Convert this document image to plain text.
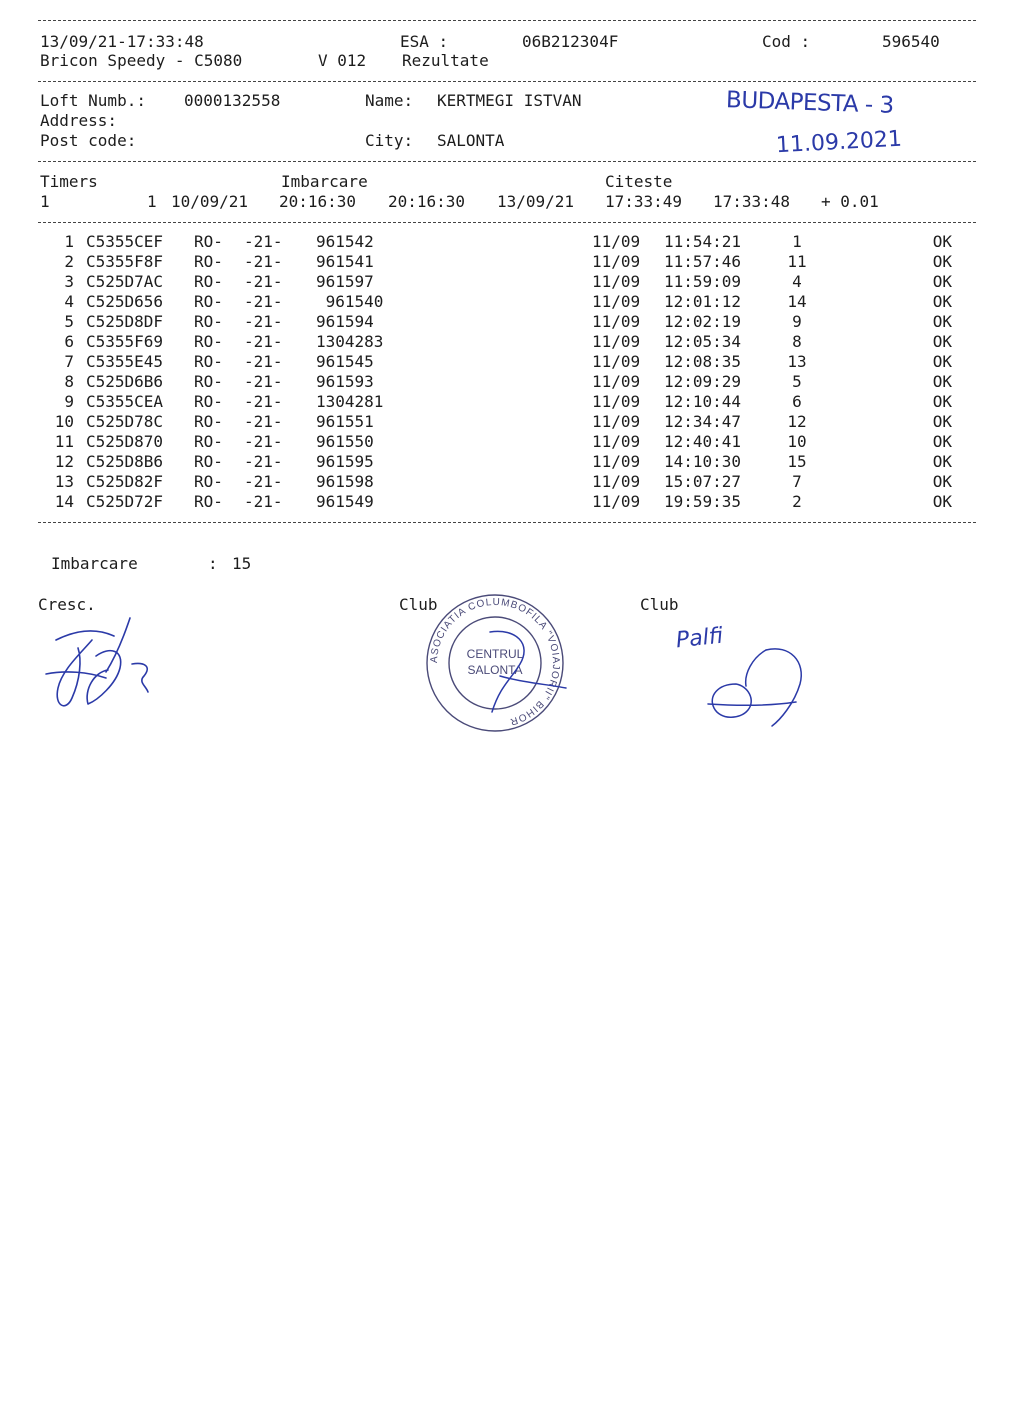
13/09/21-17:33:48	ESA :	06B212304F	Cod :	596540
Bricon Speedy - C5080	V 012 Rezultate
Loft Numb.: 0000132558	Name: KERTMEGI ISTVAN
Address:
Post code:	City: SALONTA
BUDAPESTA - 3
11.09.2021
Timers	Imbarcare	Citeste
1	1 10/09/21 20:16:30 20:16:30 13/09/21 17:33:49 17:33:48 + 0.01
1 C5355CEF RO- -21- 961542	11/09 11:54:21	1	OK
2 C5355F8F RO- -21- 961541	11/09 11:57:46	11	OK
3 C525D7AC RO- -21- 961597	11/09 11:59:09	4	OK
4 C525D656 RO- -21- 961540	11/09 12:01:12	14	OK
5 C525D8DF RO- -21- 961594	11/09 12:02:19	9	OK
6 C5355F69 RO- -21- 1304283	11/09 12:05:34	8	OK
7 C5355E45 RO- -21- 961545	11/09 12:08:35	13	OK
8 C525D6B6 RO- -21- 961593	11/09 12:09:29	5	OK
9 C5355CEA RO- -21- 1304281	11/09 12:10:44	6	OK
10 C525D78C RO- -21- 961551	11/09 12:34:47	12	OK
11 C525D870 RO- -21- 961550	11/09 12:40:41	10	OK
12 C525D8B6 RO- -21- 961595	11/09 14:10:30	15	OK
13 C525D82F RO- -21- 961598	11/09 15:07:27	7	OK
14 C525D72F RO- -21- 961549	11/09 19:59:35	2	OK
Imbarcare	: 15
Cresc.	Club	Club
ASOCIATIA COLUMBOFILA "VOIAJORII" BIHOR
CENTRUL
SALONTA
Palfi
